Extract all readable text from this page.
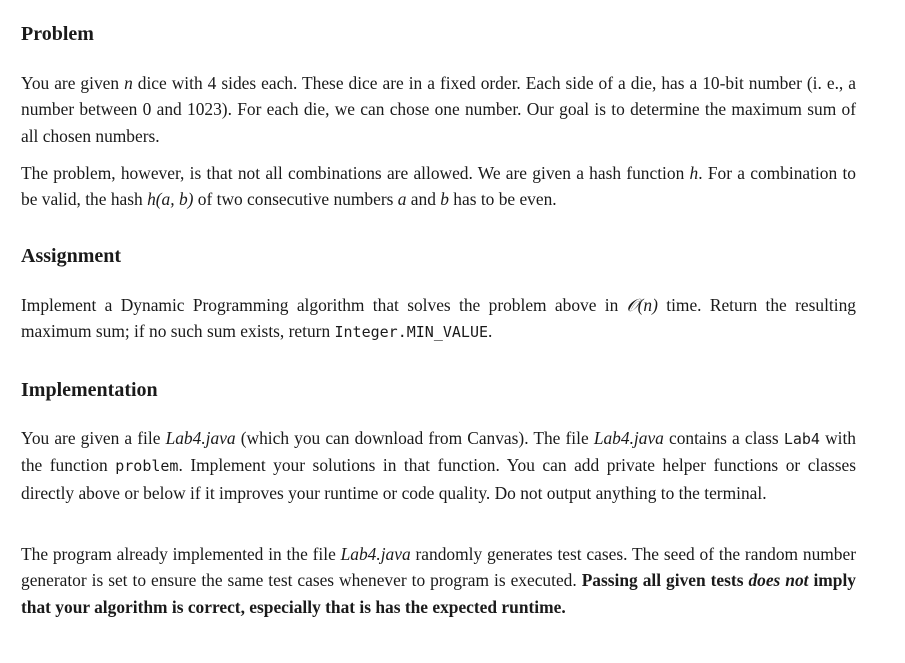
Problem

You are given n dice with 4 sides each. These dice are in a fixed order. Each side of a die, has a 10-bit number (i. e., a number between 0 and 1023). For each die, we can chose one number. Our goal is to determine the maximum sum of all chosen numbers.

The problem, however, is that not all combinations are allowed. We are given a hash function h. For a combination to be valid, the hash h(a, b) of two consecutive numbers a and b has to be even.

Assignment

Implement a Dynamic Programming algorithm that solves the problem above in 𝒪(n) time. Return the resulting maximum sum; if no such sum exists, return Integer.MIN_VALUE.

Implementation

You are given a file Lab4.java (which you can download from Canvas). The file Lab4.java contains a class Lab4 with the function problem. Implement your solutions in that function. You can add private helper functions or classes directly above or below if it improves your runtime or code quality. Do not output anything to the terminal.

The program already implemented in the file Lab4.java randomly generates test cases. The seed of the random number generator is set to ensure the same test cases whenever to program is executed. Passing all given tests does not imply that your algorithm is correct, especially that is has the expected runtime.
